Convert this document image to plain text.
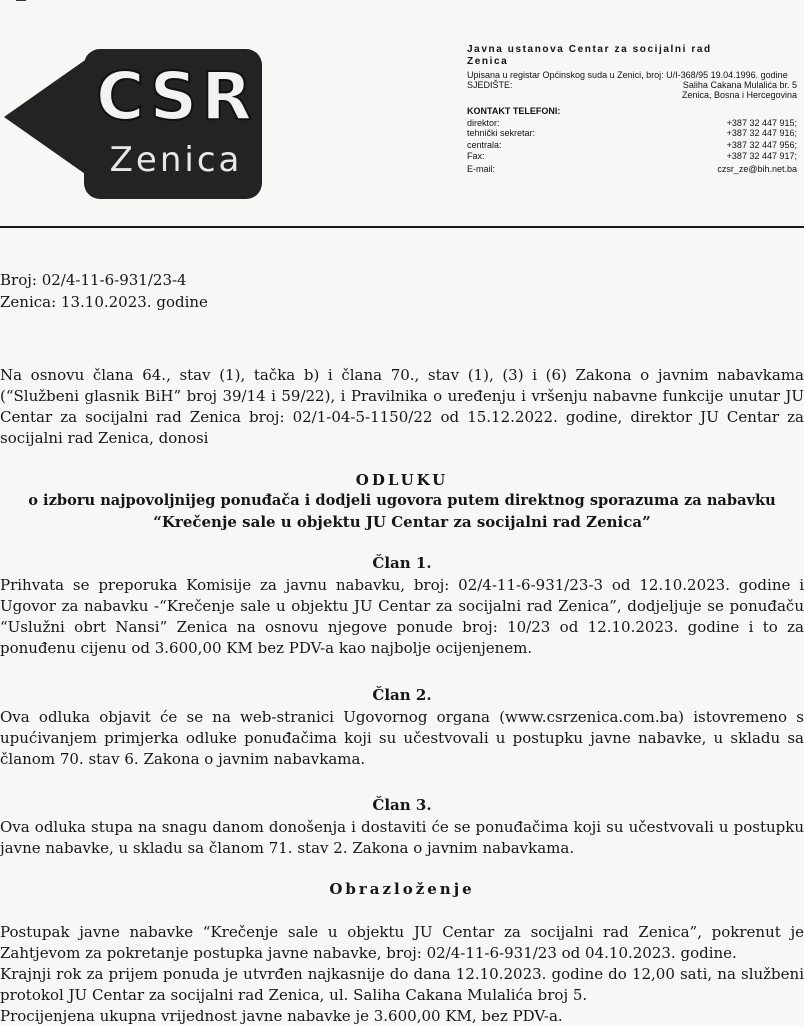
CSR
Zenica
Javna ustanova Centar za socijalni rad
Zenica
Upisana u registar Općinskog suda u Zenici, broj: U/I-368/95 19.04.1996. godine
SJEDIŠTE:	Saliha Cakana Mulalića br. 5
Zenica, Bosna i Hercegovina
KONTAKT TELEFONI:
direktor:	+387 32 447 915;
tehnički sekretar:	+387 32 447 916;
centrala:	+387 32 447 956;
Fax:	+387 32 447 917;
E-mail:	czsr_ze@bih.net.ba
Broj: 02/4-11-6-931/23-4
Zenica: 13.10.2023. godine
Na osnovu člana 64., stav (1), tačka b) i člana 70., stav (1), (3) i (6) Zakona o javnim nabavkama (“Službeni glasnik BiH” broj 39/14 i 59/22), i Pravilnika o uređenju i vršenju nabavne funkcije unutar JU Centar za socijalni rad Zenica broj: 02/1-04-5-1150/22 od 15.12.2022. godine, direktor JU Centar za socijalni rad Zenica, donosi
ODLUKU
o izboru najpovoljnijeg ponuđača i dodjeli ugovora putem direktnog sporazuma za nabavku
“Krečenje sale u objektu JU Centar za socijalni rad Zenica”
Član 1.
Prihvata se preporuka Komisije za javnu nabavku, broj: 02/4-11-6-931/23-3 od 12.10.2023. godine i Ugovor za nabavku -“Krečenje sale u objektu JU Centar za socijalni rad Zenica”, dodjeljuje se ponuđaču “Uslužni obrt Nansi” Zenica na osnovu njegove ponude broj: 10/23 od 12.10.2023. godine i to za ponuđenu cijenu od 3.600,00 KM bez PDV-a kao najbolje ocijenjenem.
Član 2.
Ova odluka objavit će se na web-stranici Ugovornog organa (www.csrzenica.com.ba) istovremeno s upućivanjem primjerka odluke ponuđačima koji su učestvovali u postupku javne nabavke, u skladu sa članom 70. stav 6. Zakona o javnim nabavkama.
Član 3.
Ova odluka stupa na snagu danom donošenja i dostaviti će se ponuđačima koji su učestvovali u postupku javne nabavke, u skladu sa članom 71. stav 2. Zakona o javnim nabavkama.
Obrazloženje
Postupak javne nabavke “Krečenje sale u objektu JU Centar za socijalni rad Zenica”, pokrenut je Zahtjevom za pokretanje postupka javne nabavke, broj: 02/4-11-6-931/23 od 04.10.2023. godine.
Krajnji rok za prijem ponuda je utvrđen najkasnije do dana 12.10.2023. godine do 12,00 sati, na službeni protokol JU Centar za socijalni rad Zenica, ul. Saliha Cakana Mulalića broj 5.
Procijenjena ukupna vrijednost javne nabavke je 3.600,00 KM, bez PDV-a.
